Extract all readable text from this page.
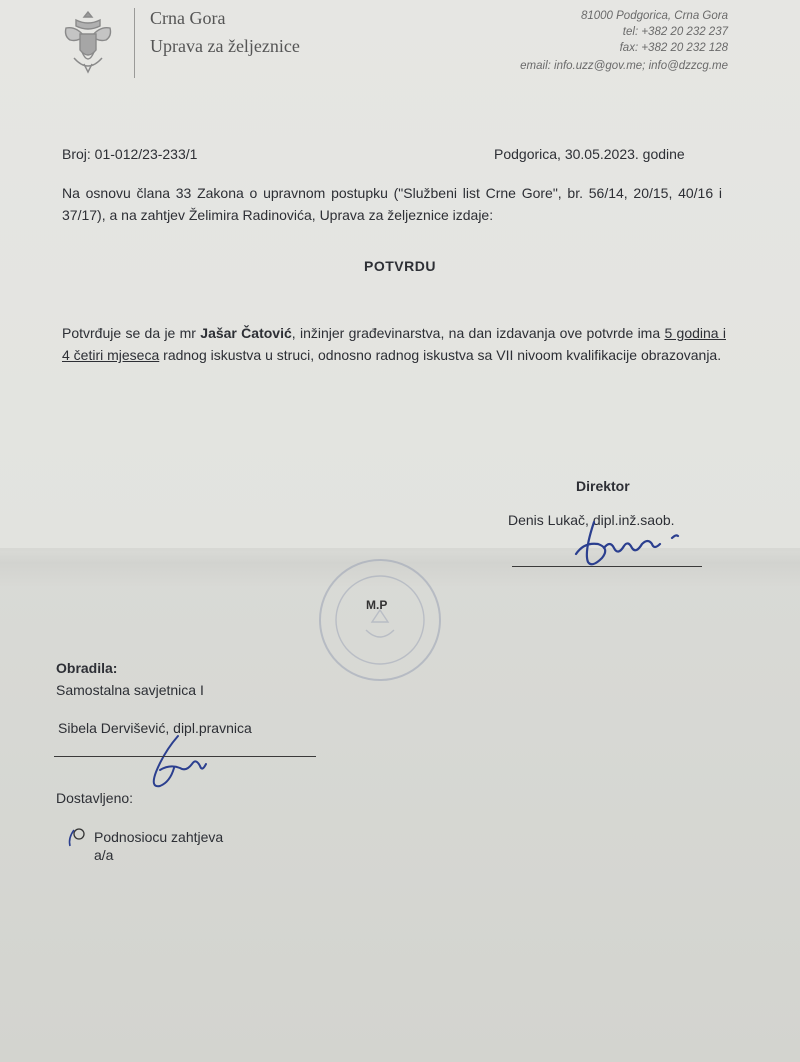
Crna Gora
Uprava za željeznice
81000 Podgorica, Crna Gora
tel: +382 20 232 237
fax: +382 20 232 128
email: info.uzz@gov.me; info@dzzcg.me
Broj: 01-012/23-233/1	Podgorica, 30.05.2023. godine
Na osnovu člana 33 Zakona o upravnom postupku ("Službeni list Crne Gore", br. 56/14, 20/15, 40/16 i 37/17), a na zahtjev Želimira Radinovića, Uprava za željeznice izdaje:
POTVRDU
Potvrđuje se da je mr Jašar Čatović, inžinjer građevinarstva, na dan izdavanja ove potvrde ima 5 godina i 4 četiri mjeseca radnog iskustva u struci, odnosno radnog iskustva sa VII nivoom kvalifikacije obrazovanja.
Direktor
Denis Lukač, dipl.inž.saob.
M.P
Obradila:
Samostalna savjetnica I
Sibela Dervišević, dipl.pravnica
Dostavljeno:
Podnosiocu zahtjeva
a/a
